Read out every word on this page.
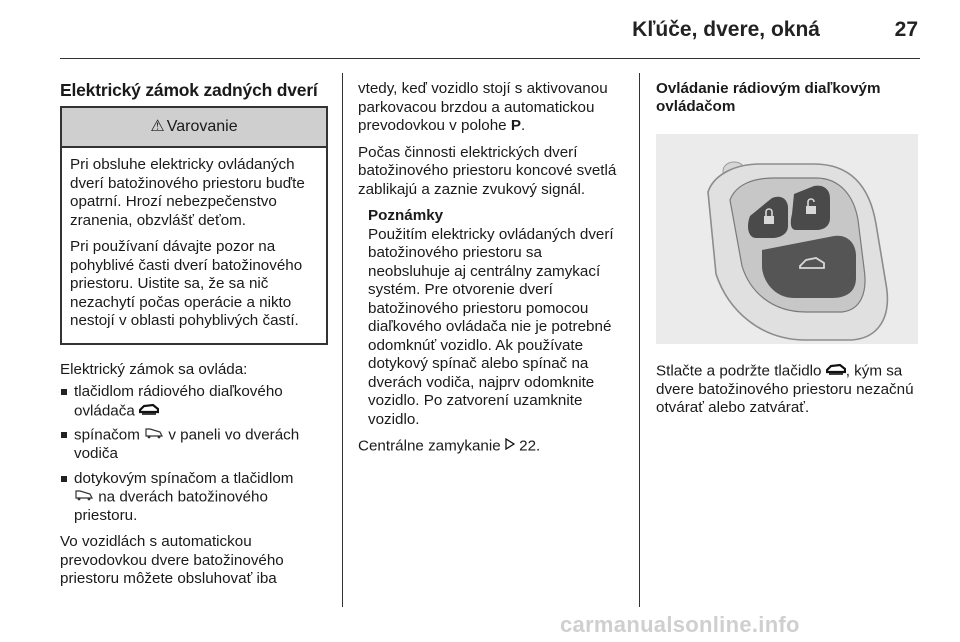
Kľúče, dvere, okná	27
Elektrický zámok zadných dverí
⚠ Varovanie

Pri obsluhe elektricky ovládaných dverí batožinového priestoru buďte opatrní. Hrozí nebezpečenstvo zranenia, obzvlášť deťom.

Pri používaní dávajte pozor na pohyblivé časti dverí batožinového priestoru. Uistite sa, že sa nič nezachytí počas operácie a nikto nestojí v oblasti pohyblivých častí.

Elektrický zámok sa ovláda:

tlačidlom rádiového diaľkového ovládača
spínačom v paneli vo dverách vodiča
dotykovým spínačom a tlačidlom
na dverách batožinového priestoru.

Vo vozidlách s automatickou prevodovkou dvere batožinového priestoru môžete obsluhovať iba

vtedy, keď vozidlo stojí s aktivovanou parkovacou brzdou a automatickou prevodovkou v polohe P.

Počas činnosti elektrických dverí batožinového priestoru koncové svetlá zablikajú a zaznie zvukový signál.

Poznámky
Použitím elektricky ovládaných dverí batožinového priestoru sa neobsluhuje aj centrálny zamykací systém. Pre otvorenie dverí batožinového priestoru pomocou diaľkového ovládača nie je potrebné odomknúť vozidlo. Ak používate dotykový spínač alebo spínač na dverách vodiča, najprv odomknite vozidlo. Po zatvorení uzamknite vozidlo.

Centrálne zamykanie 22.

Ovládanie rádiovým diaľkovým ovládačom

Stlačte a podržte tlačidlo , kým sa dvere batožinového priestoru nezačnú otvárať alebo zatvárať.

carmanualsonline.info
